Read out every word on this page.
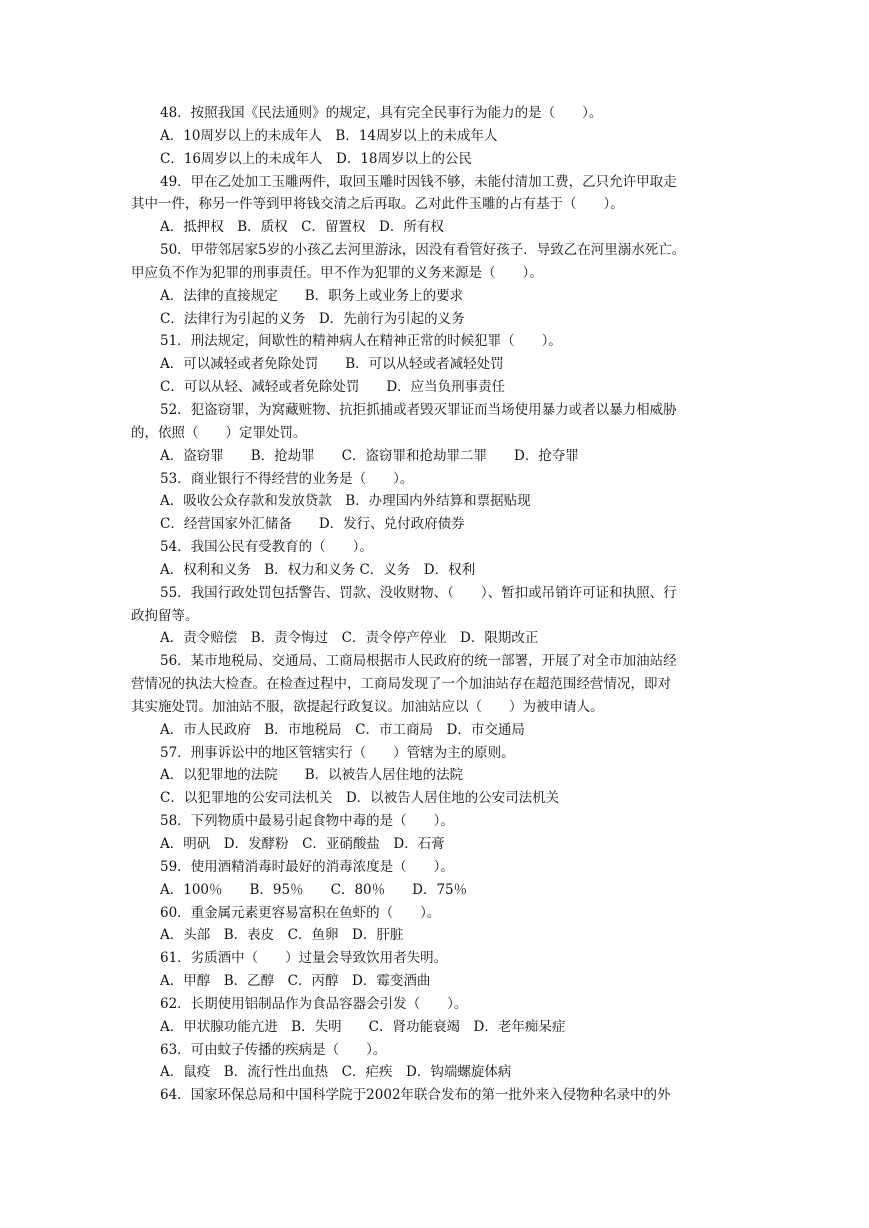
48．按照我国《民法通则》的规定，具有完全民事行为能力的是（　　）。
A．10周岁以上的未成年人　B．14周岁以上的未成年人
C．16周岁以上的未成年人　D．18周岁以上的公民
49．甲在乙处加工玉雕两件，取回玉雕时因钱不够，未能付清加工费，乙只允许甲取走
其中一件，称另一件等到甲将钱交清之后再取。乙对此件玉雕的占有基于（　　）。
A．抵押权　B．质权　C．留置权　D．所有权
50．甲带邻居家5岁的小孩乙去河里游泳，因没有看管好孩子．导致乙在河里溺水死亡。
甲应负不作为犯罪的刑事责任。甲不作为犯罪的义务来源是（　　）。
A．法律的直接规定　　B．职务上或业务上的要求
C．法律行为引起的义务　D．先前行为引起的义务
51．刑法规定，间歇性的精神病人在精神正常的时候犯罪（　　）。
A．可以减轻或者免除处罚　　B．可以从轻或者减轻处罚
C．可以从轻、减轻或者免除处罚　　D．应当负刑事责任
52．犯盗窃罪，为窝藏赃物、抗拒抓捕或者毁灭罪证而当场使用暴力或者以暴力相威胁
的，依照（　　）定罪处罚。
A．盗窃罪　　B．抢劫罪　　C．盗窃罪和抢劫罪二罪　　D．抢夺罪
53．商业银行不得经营的业务是（　　）。
A．吸收公众存款和发放贷款　B．办理国内外结算和票据贴现
C．经营国家外汇储备　　D．发行、兑付政府债券
54．我国公民有受教育的（　　）。
A．权利和义务　B．权力和义务 C．义务　D．权利
55．我国行政处罚包括警告、罚款、没收财物、（　　）、暂扣或吊销许可证和执照、行
政拘留等。
A．责令赔偿　B．责令悔过　C．责令停产停业　D．限期改正
56．某市地税局、交通局、工商局根据市人民政府的统一部署，开展了对全市加油站经
营情况的执法大检查。在检查过程中，工商局发现了一个加油站存在超范围经营情况，即对
其实施处罚。加油站不服，欲提起行政复议。加油站应以（　　）为被申请人。
A．市人民政府　B．市地税局　C．市工商局　D．市交通局
57．刑事诉讼中的地区管辖实行（　　）管辖为主的原则。
A．以犯罪地的法院　　B．以被告人居住地的法院
C．以犯罪地的公安司法机关　D．以被告人居住地的公安司法机关
58．下列物质中最易引起食物中毒的是（　　）。
A．明矾　D．发酵粉　C．亚硝酸盐　D．石膏
59．使用酒精消毒时最好的消毒浓度是（　　）。
A．100％　　B．95％　　C．80％　　D．75％
60．重金属元素更容易富积在鱼虾的（　　）。
A．头部　B．表皮　C．鱼卵　D．肝脏
61．劣质酒中（　　）过量会导致饮用者失明。
A．甲醇　B．乙醇　C．丙醇　D．霉变酒曲
62．长期使用铝制品作为食品容器会引发（　　）。
A．甲状腺功能亢进　B．失明　　C．肾功能衰竭　D．老年痴呆症
63．可由蚊子传播的疾病是（　　）。
A．鼠疫　B．流行性出血热　C．疟疾　D．钩端螺旋体病
64．国家环保总局和中国科学院于2002年联合发布的第一批外来入侵物种名录中的外
